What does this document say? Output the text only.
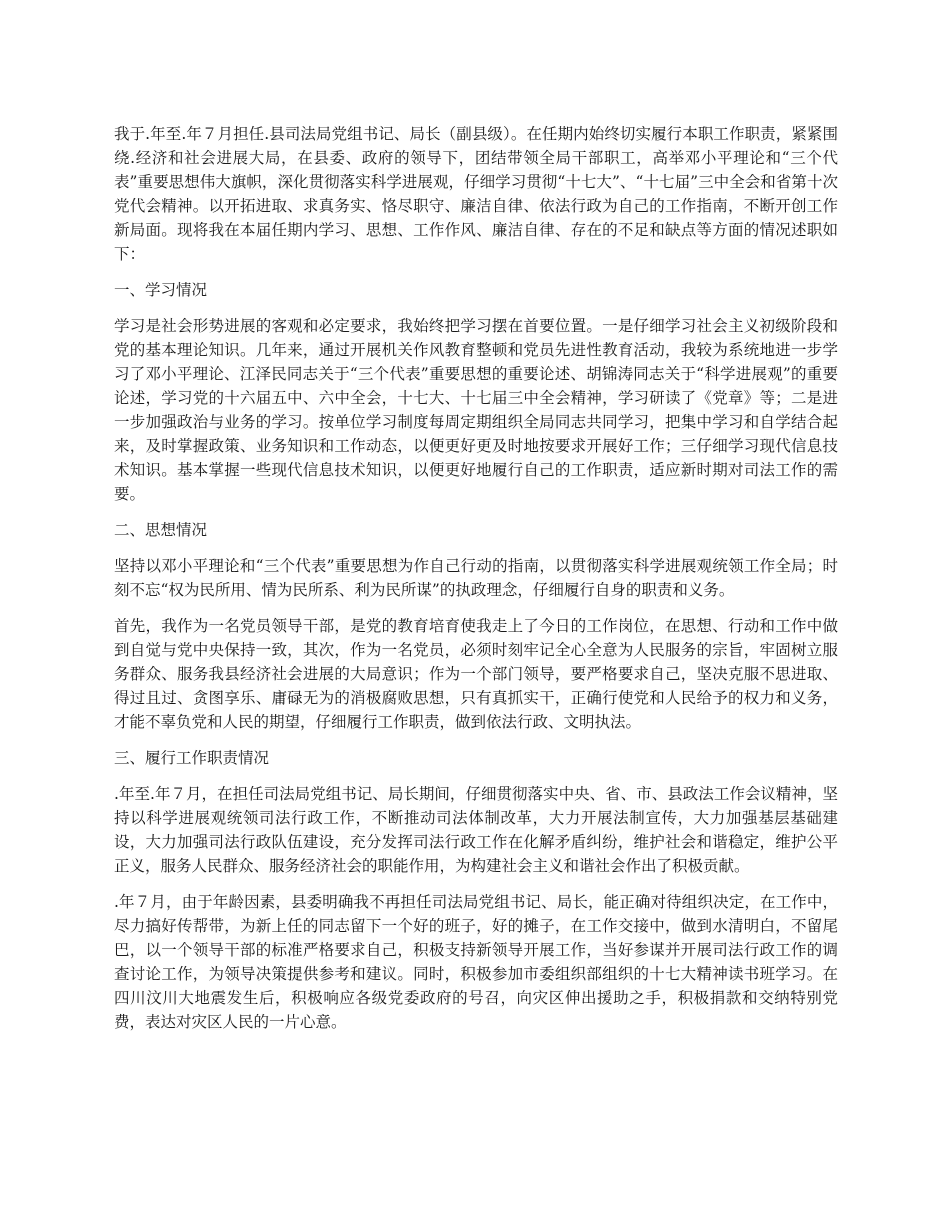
我于.年至.年７月担任.县司法局党组书记、局长（副县级）。在任期内始终切实履行本职工作职责，紧紧围绕.经济和社会进展大局，在县委、政府的领导下，团结带领全局干部职工，高举邓小平理论和“三个代表”重要思想伟大旗帜，深化贯彻落实科学进展观，仔细学习贯彻“十七大”、“十七届”三中全会和省第十次党代会精神。以开拓进取、求真务实、恪尽职守、廉洁自律、依法行政为自己的工作指南，不断开创工作新局面。现将我在本届任期内学习、思想、工作作风、廉洁自律、存在的不足和缺点等方面的情况述职如下：

一、学习情况

学习是社会形势进展的客观和必定要求，我始终把学习摆在首要位置。一是仔细学习社会主义初级阶段和党的基本理论知识。几年来，通过开展机关作风教育整顿和党员先进性教育活动，我较为系统地进一步学习了邓小平理论、江泽民同志关于“三个代表”重要思想的重要论述、胡锦涛同志关于“科学进展观”的重要论述，学习党的十六届五中、六中全会，十七大、十七届三中全会精神，学习研读了《党章》等；二是进一步加强政治与业务的学习。按单位学习制度每周定期组织全局同志共同学习，把集中学习和自学结合起来，及时掌握政策、业务知识和工作动态，以便更好更及时地按要求开展好工作；三仔细学习现代信息技术知识。基本掌握一些现代信息技术知识，以便更好地履行自己的工作职责，适应新时期对司法工作的需要。

二、思想情况

坚持以邓小平理论和“三个代表”重要思想为作自己行动的指南，以贯彻落实科学进展观统领工作全局；时刻不忘“权为民所用、情为民所系、利为民所谋”的执政理念，仔细履行自身的职责和义务。

首先，我作为一名党员领导干部，是党的教育培育使我走上了今日的工作岗位，在思想、行动和工作中做到自觉与党中央保持一致，其次，作为一名党员，必须时刻牢记全心全意为人民服务的宗旨，牢固树立服务群众、服务我县经济社会进展的大局意识；作为一个部门领导，要严格要求自己，坚决克服不思进取、得过且过、贪图享乐、庸碌无为的消极腐败思想，只有真抓实干，正确行使党和人民给予的权力和义务，才能不辜负党和人民的期望，仔细履行工作职责，做到依法行政、文明执法。

三、履行工作职责情况

.年至.年７月，在担任司法局党组书记、局长期间，仔细贯彻落实中央、省、市、县政法工作会议精神，坚持以科学进展观统领司法行政工作，不断推动司法体制改革，大力开展法制宣传，大力加强基层基础建设，大力加强司法行政队伍建设，充分发挥司法行政工作在化解矛盾纠纷，维护社会和谐稳定，维护公平正义，服务人民群众、服务经济社会的职能作用，为构建社会主义和谐社会作出了积极贡献。

.年７月，由于年龄因素，县委明确我不再担任司法局党组书记、局长，能正确对待组织决定，在工作中，尽力搞好传帮带，为新上任的同志留下一个好的班子，好的摊子，在工作交接中，做到水清明白，不留尾巴，以一个领导干部的标准严格要求自己，积极支持新领导开展工作，当好参谋并开展司法行政工作的调查讨论工作，为领导决策提供参考和建议。同时，积极参加市委组织部组织的十七大精神读书班学习。在四川汶川大地震发生后，积极响应各级党委政府的号召，向灾区伸出援助之手，积极捐款和交纳特别党费，表达对灾区人民的一片心意。
